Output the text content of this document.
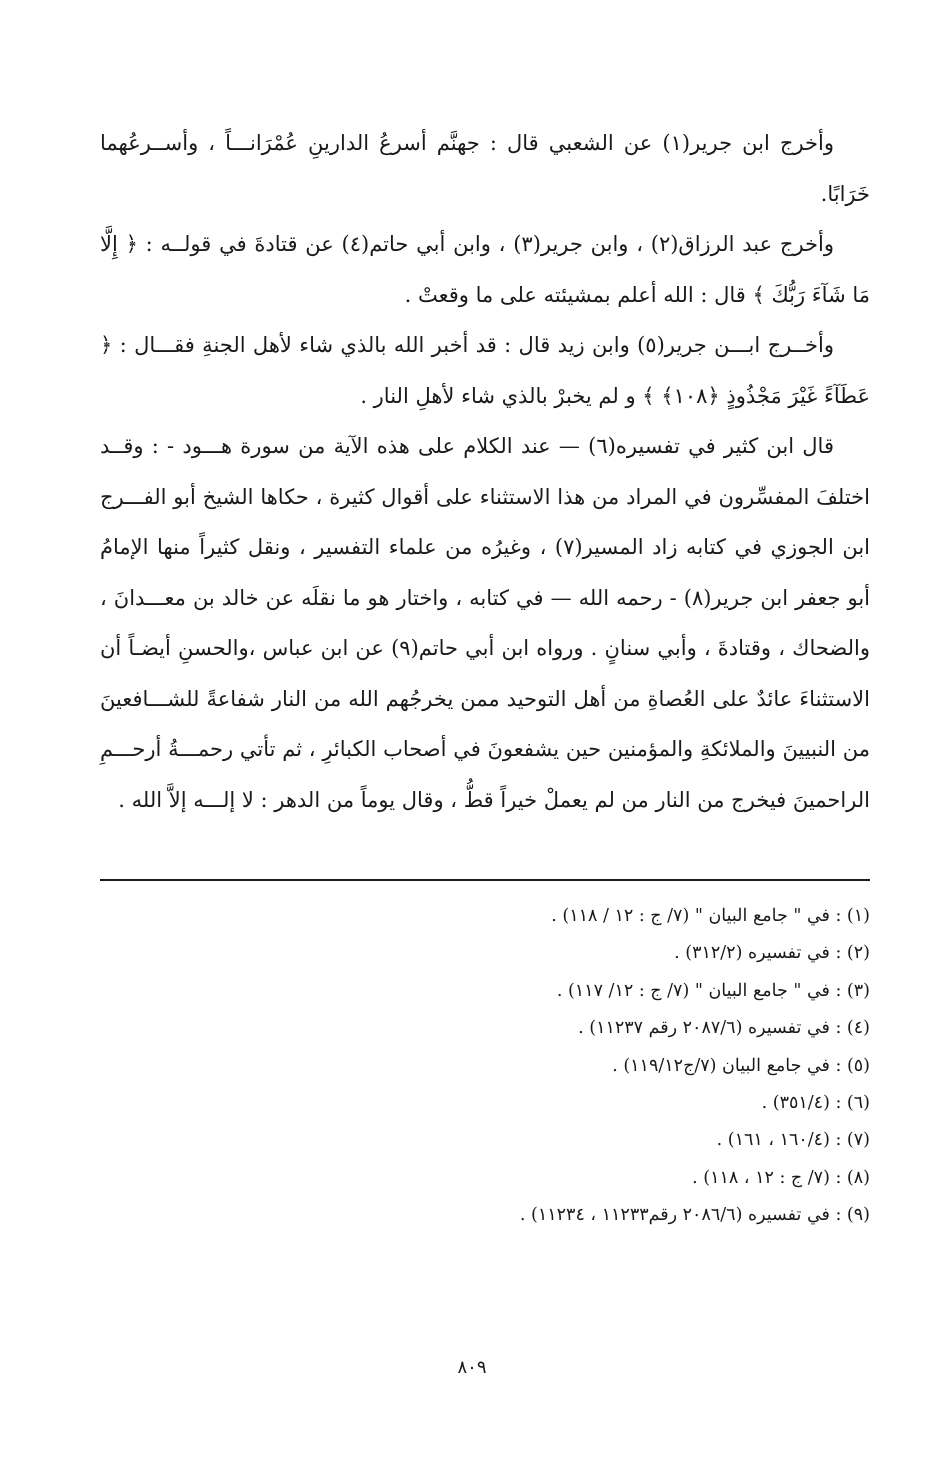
وأخرج ابن جرير(١) عن الشعبي قال : جهنَّم أسرعُ الدارينِ عُمْرَانـــاً ، وأســرعُهما خَرَابًا.

وأخرج عبد الرزاق(٢) ، وابن جرير(٣) ، وابن أبي حاتم(٤) عن قتادةَ في قولــه : ﴿ إِلَّا مَا شَآءَ رَبُّكَ ﴾ قال : الله أعلم بمشيئته على ما وقعتْ .

وأخــرج ابـــن جرير(٥) وابن زيد قال : قد أخبر الله بالذي شاء لأهل الجنةِ فقـــال : ﴿ عَطَآءً غَيْرَ مَجْذُوذٍ ﴿١٠٨﴾ ﴾ و لم يخبرْ بالذي شاء لأهلِ النار .

قال ابن كثير في تفسيره(٦) — عند الكلام على هذه الآية من سورة هـــود - : وقــد اختلفَ المفسِّرون في المراد من هذا الاستثناء على أقوال كثيرة ، حكاها الشيخ أبو الفـــرج ابن الجوزي في كتابه زاد المسير(٧) ، وغيرُه من علماء التفسير ، ونقل كثيراً منها الإمامُ أبو جعفر ابن جرير(٨) - رحمه الله — في كتابه ، واختار هو ما نقلَه عن خالد بن معـــدانَ ، والضحاك ، وقتادةَ ، وأبي سنانٍ . ورواه ابن أبي حاتم(٩) عن ابن عباس ،والحسنِ أيضـاً أن الاستثناءَ عائدٌ على العُصاةِ من أهل التوحيد ممن يخرجُهم الله من النار شفاعةً للشـــافعينَ من النبيينَ والملائكةِ والمؤمنين حين يشفعونَ في أصحاب الكبائرِ ، ثم تأتي رحمـــةُ أرحـــمِ الراحمينَ فيخرج من النار من لم يعملْ خيراً قطُّ ، وقال يوماً من الدهر : لا إلـــه إلاَّ الله .

(١) : في " جامع البيان " (٧/ ج : ١٢ / ١١٨) .

(٢) : في تفسيره (٣١٢/٢) .

(٣) : في " جامع البيان " (٧/ ج : ١٢/ ١١٧) .

(٤) : في تفسيره (٢٠٨٧/٦ رقم ١١٢٣٧) .

(٥) : في جامع البيان (٧/ج١١٩/١٢) .

(٦) : (٣٥١/٤) .

(٧) : (١٦٠/٤ ، ١٦١) .

(٨) : (٧/ ج : ١٢ ، ١١٨) .

(٩) : في تفسيره (٢٠٨٦/٦ رقم١١٢٣٣ ، ١١٢٣٤) .

٨٠٩
